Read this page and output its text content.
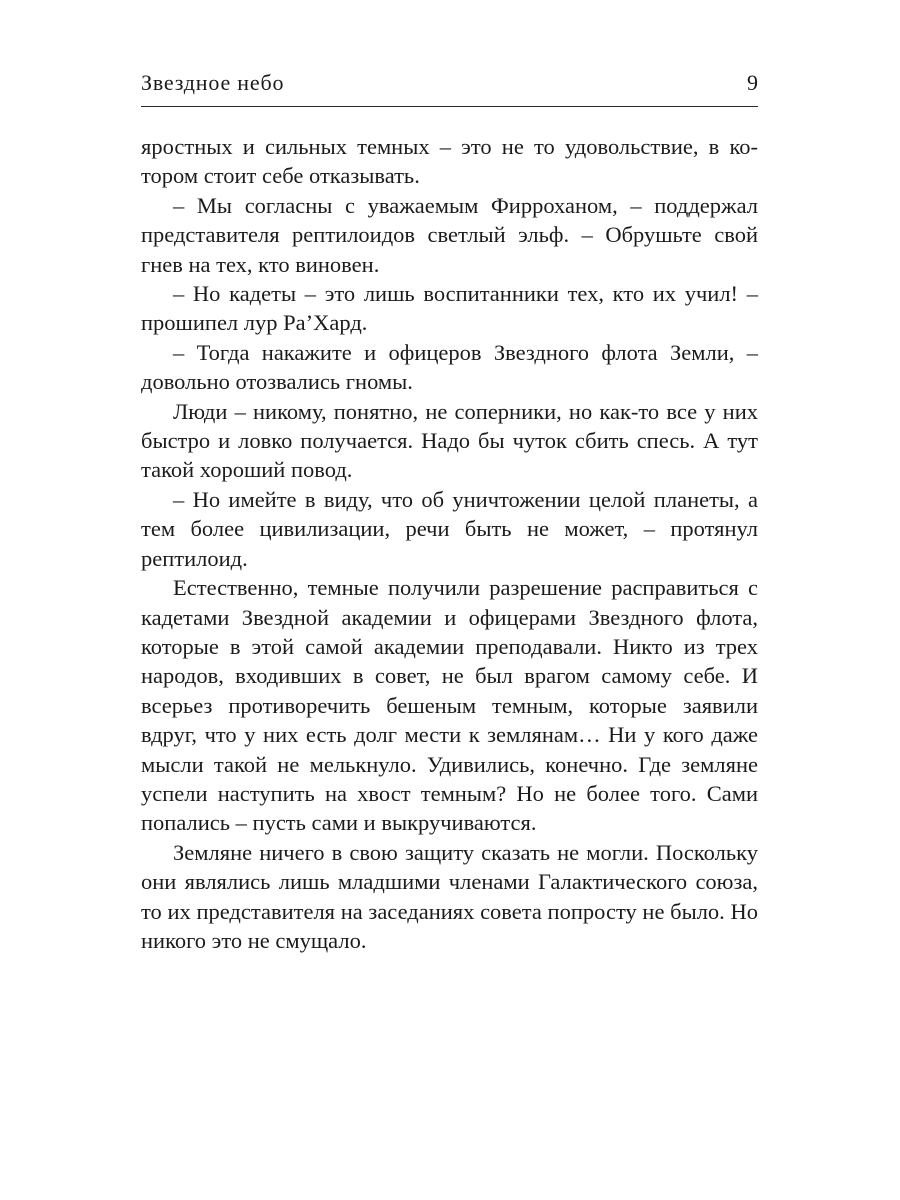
Звездное небо	9

яростных и сильных темных – это не то удовольствие, в котором стоит себе отказывать.

– Мы согласны с уважаемым Фирроханом, – поддержал представителя рептилоидов светлый эльф. – Обрушьте свой гнев на тех, кто виновен.

– Но кадеты – это лишь воспитанники тех, кто их учил! – прошипел лур Ра’Хард.

– Тогда накажите и офицеров Звездного флота Земли, – довольно отозвались гномы.

Люди – никому, понятно, не соперники, но как-то все у них быстро и ловко получается. Надо бы чуток сбить спесь. А тут такой хороший повод.

– Но имейте в виду, что об уничтожении целой планеты, а тем более цивилизации, речи быть не может, – протянул рептилоид.

Естественно, темные получили разрешение расправиться с кадетами Звездной академии и офицерами Звездного флота, которые в этой самой академии преподавали. Никто из трех народов, входивших в совет, не был врагом самому себе. И всерьез противоречить бешеным темным, которые заявили вдруг, что у них есть долг мести к землянам… Ни у кого даже мысли такой не мелькнуло. Удивились, конечно. Где земляне успели наступить на хвост темным? Но не более того. Сами попались – пусть сами и выкручиваются.

Земляне ничего в свою защиту сказать не могли. Поскольку они являлись лишь младшими членами Галактического союза, то их представителя на заседаниях совета попросту не было. Но никого это не смущало.
